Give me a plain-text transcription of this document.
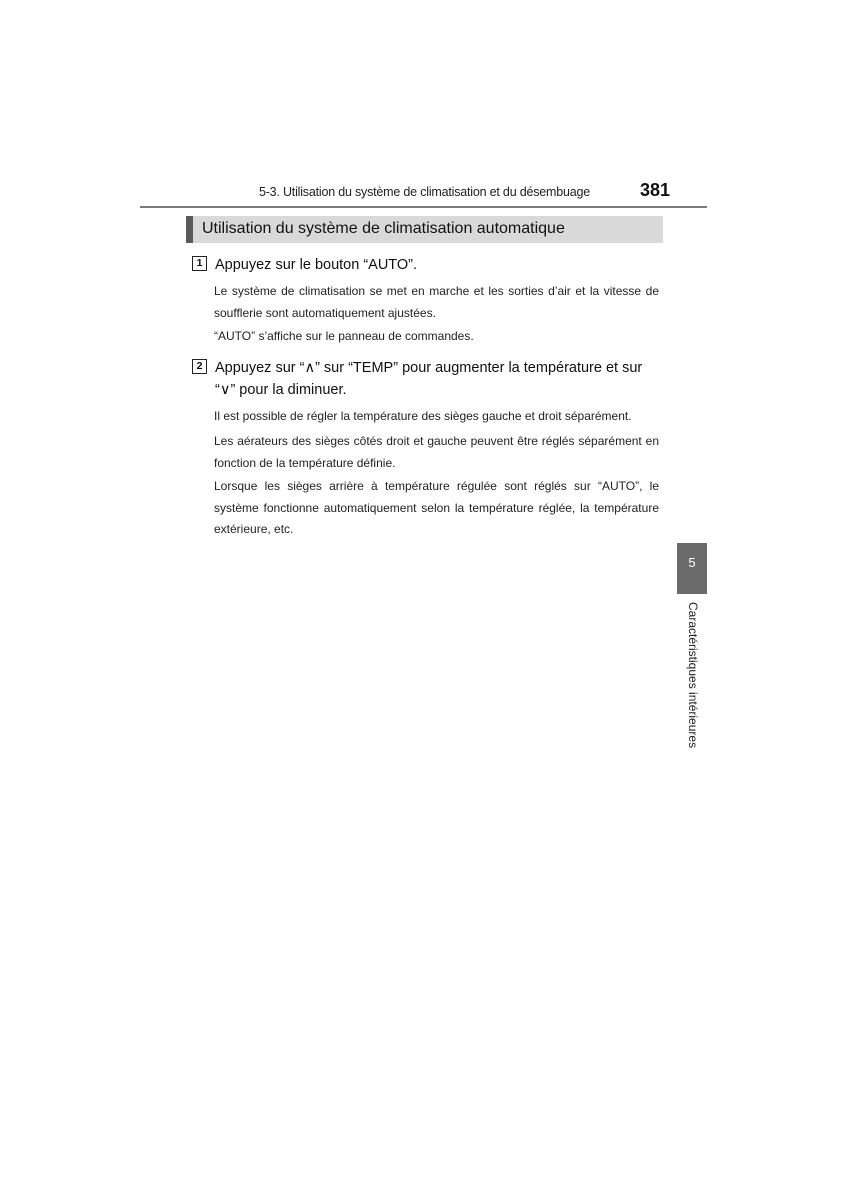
5-3. Utilisation du système de climatisation et du désembuage	381
Utilisation du système de climatisation automatique
1 Appuyez sur le bouton “AUTO”.
Le système de climatisation se met en marche et les sorties d’air et la vitesse de soufflerie sont automatiquement ajustées.
“AUTO” s’affiche sur le panneau de commandes.
2 Appuyez sur “∧” sur “TEMP” pour augmenter la température et sur “∨” pour la diminuer.
Il est possible de régler la température des sièges gauche et droit séparément.
Les aérateurs des sièges côtés droit et gauche peuvent être réglés séparément en fonction de la température définie.
Lorsque les sièges arrière à température régulée sont réglés sur “AUTO”, le système fonctionne automatiquement selon la température réglée, la température extérieure, etc.
5
Caractéristiques intérieures
